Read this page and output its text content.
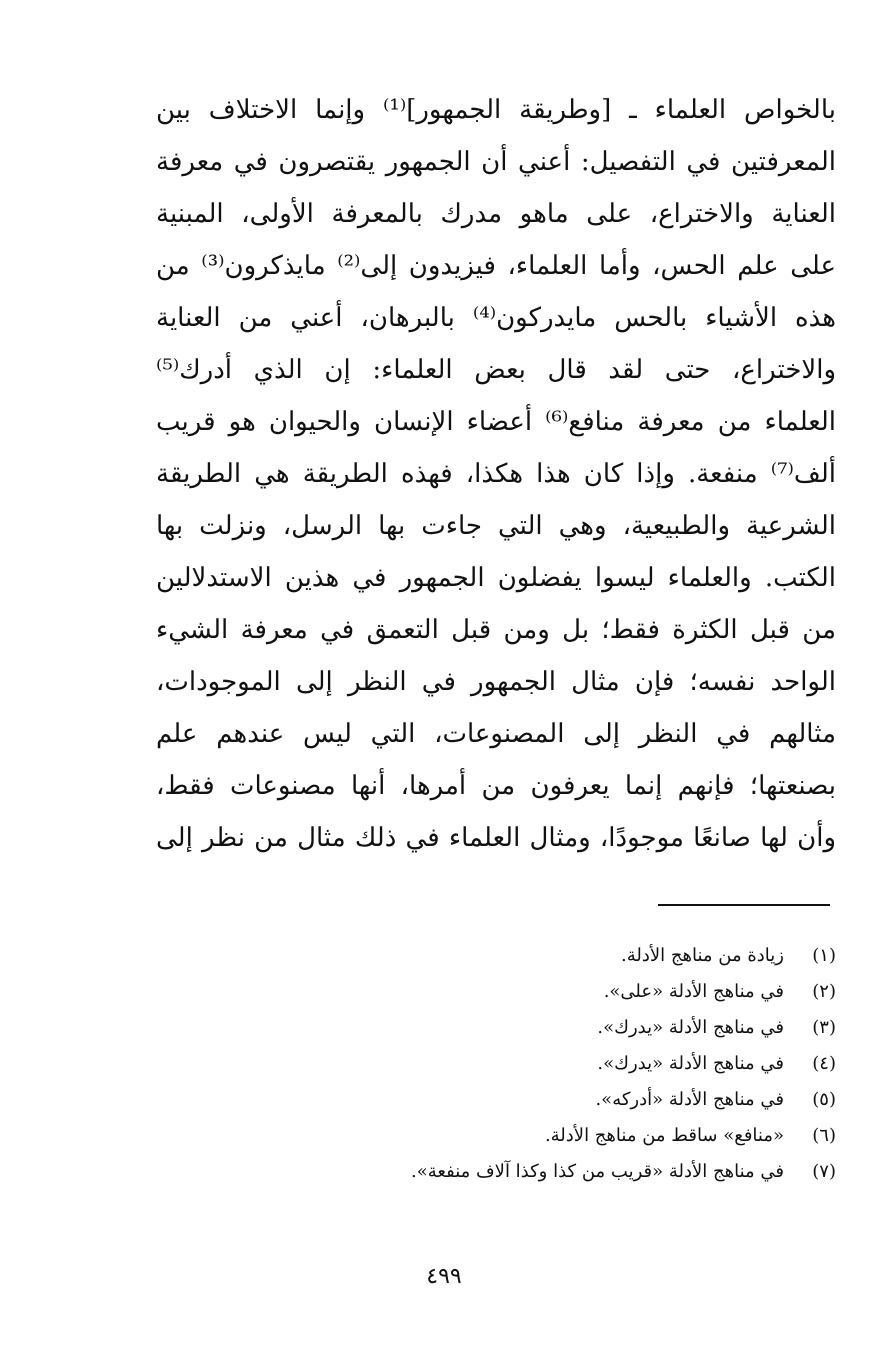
بالخواص العلماء ـ [وطريقة الجمهور]⁽¹⁾ وإنما الاختلاف بين
المعرفتين في التفصيل: أعني أن الجمهور يقتصرون في معرفة
العناية والاختراع، على ماهو مدرك بالمعرفة الأولى، المبنية
على علم الحس، وأما العلماء، فيزيدون إلى⁽²⁾ مايذكرون⁽³⁾ من
هذه الأشياء بالحس مايدركون⁽⁴⁾ بالبرهان، أعني من العناية
والاختراع، حتى لقد قال بعض العلماء: إن الذي أدرك⁽⁵⁾
العلماء من معرفة منافع⁽⁶⁾ أعضاء الإنسان والحيوان هو قريب
ألف⁽⁷⁾ منفعة. وإذا كان هذا هكذا، فهذه الطريقة هي الطريقة
الشرعية والطبيعية، وهي التي جاءت بها الرسل، ونزلت بها
الكتب. والعلماء ليسوا يفضلون الجمهور في هذين الاستدلالين
من قبل الكثرة فقط؛ بل ومن قبل التعمق في معرفة الشيء
الواحد نفسه؛ فإن مثال الجمهور في النظر إلى الموجودات،
مثالهم في النظر إلى المصنوعات، التي ليس عندهم علم
بصنعتها؛ فإنهم إنما يعرفون من أمرها، أنها مصنوعات فقط،
وأن لها صانعًا موجودًا، ومثال العلماء في ذلك مثال من نظر إلى
(١)
زيادة من مناهج الأدلة.
(٢)
في مناهج الأدلة «على».
(٣)
في مناهج الأدلة «يدرك».
(٤)
في مناهج الأدلة «يدرك».
(٥)
في مناهج الأدلة «أدركه».
(٦)
«منافع» ساقط من مناهج الأدلة.
(٧)
في مناهج الأدلة «قريب من كذا وكذا آلاف منفعة».
٤٩٩
